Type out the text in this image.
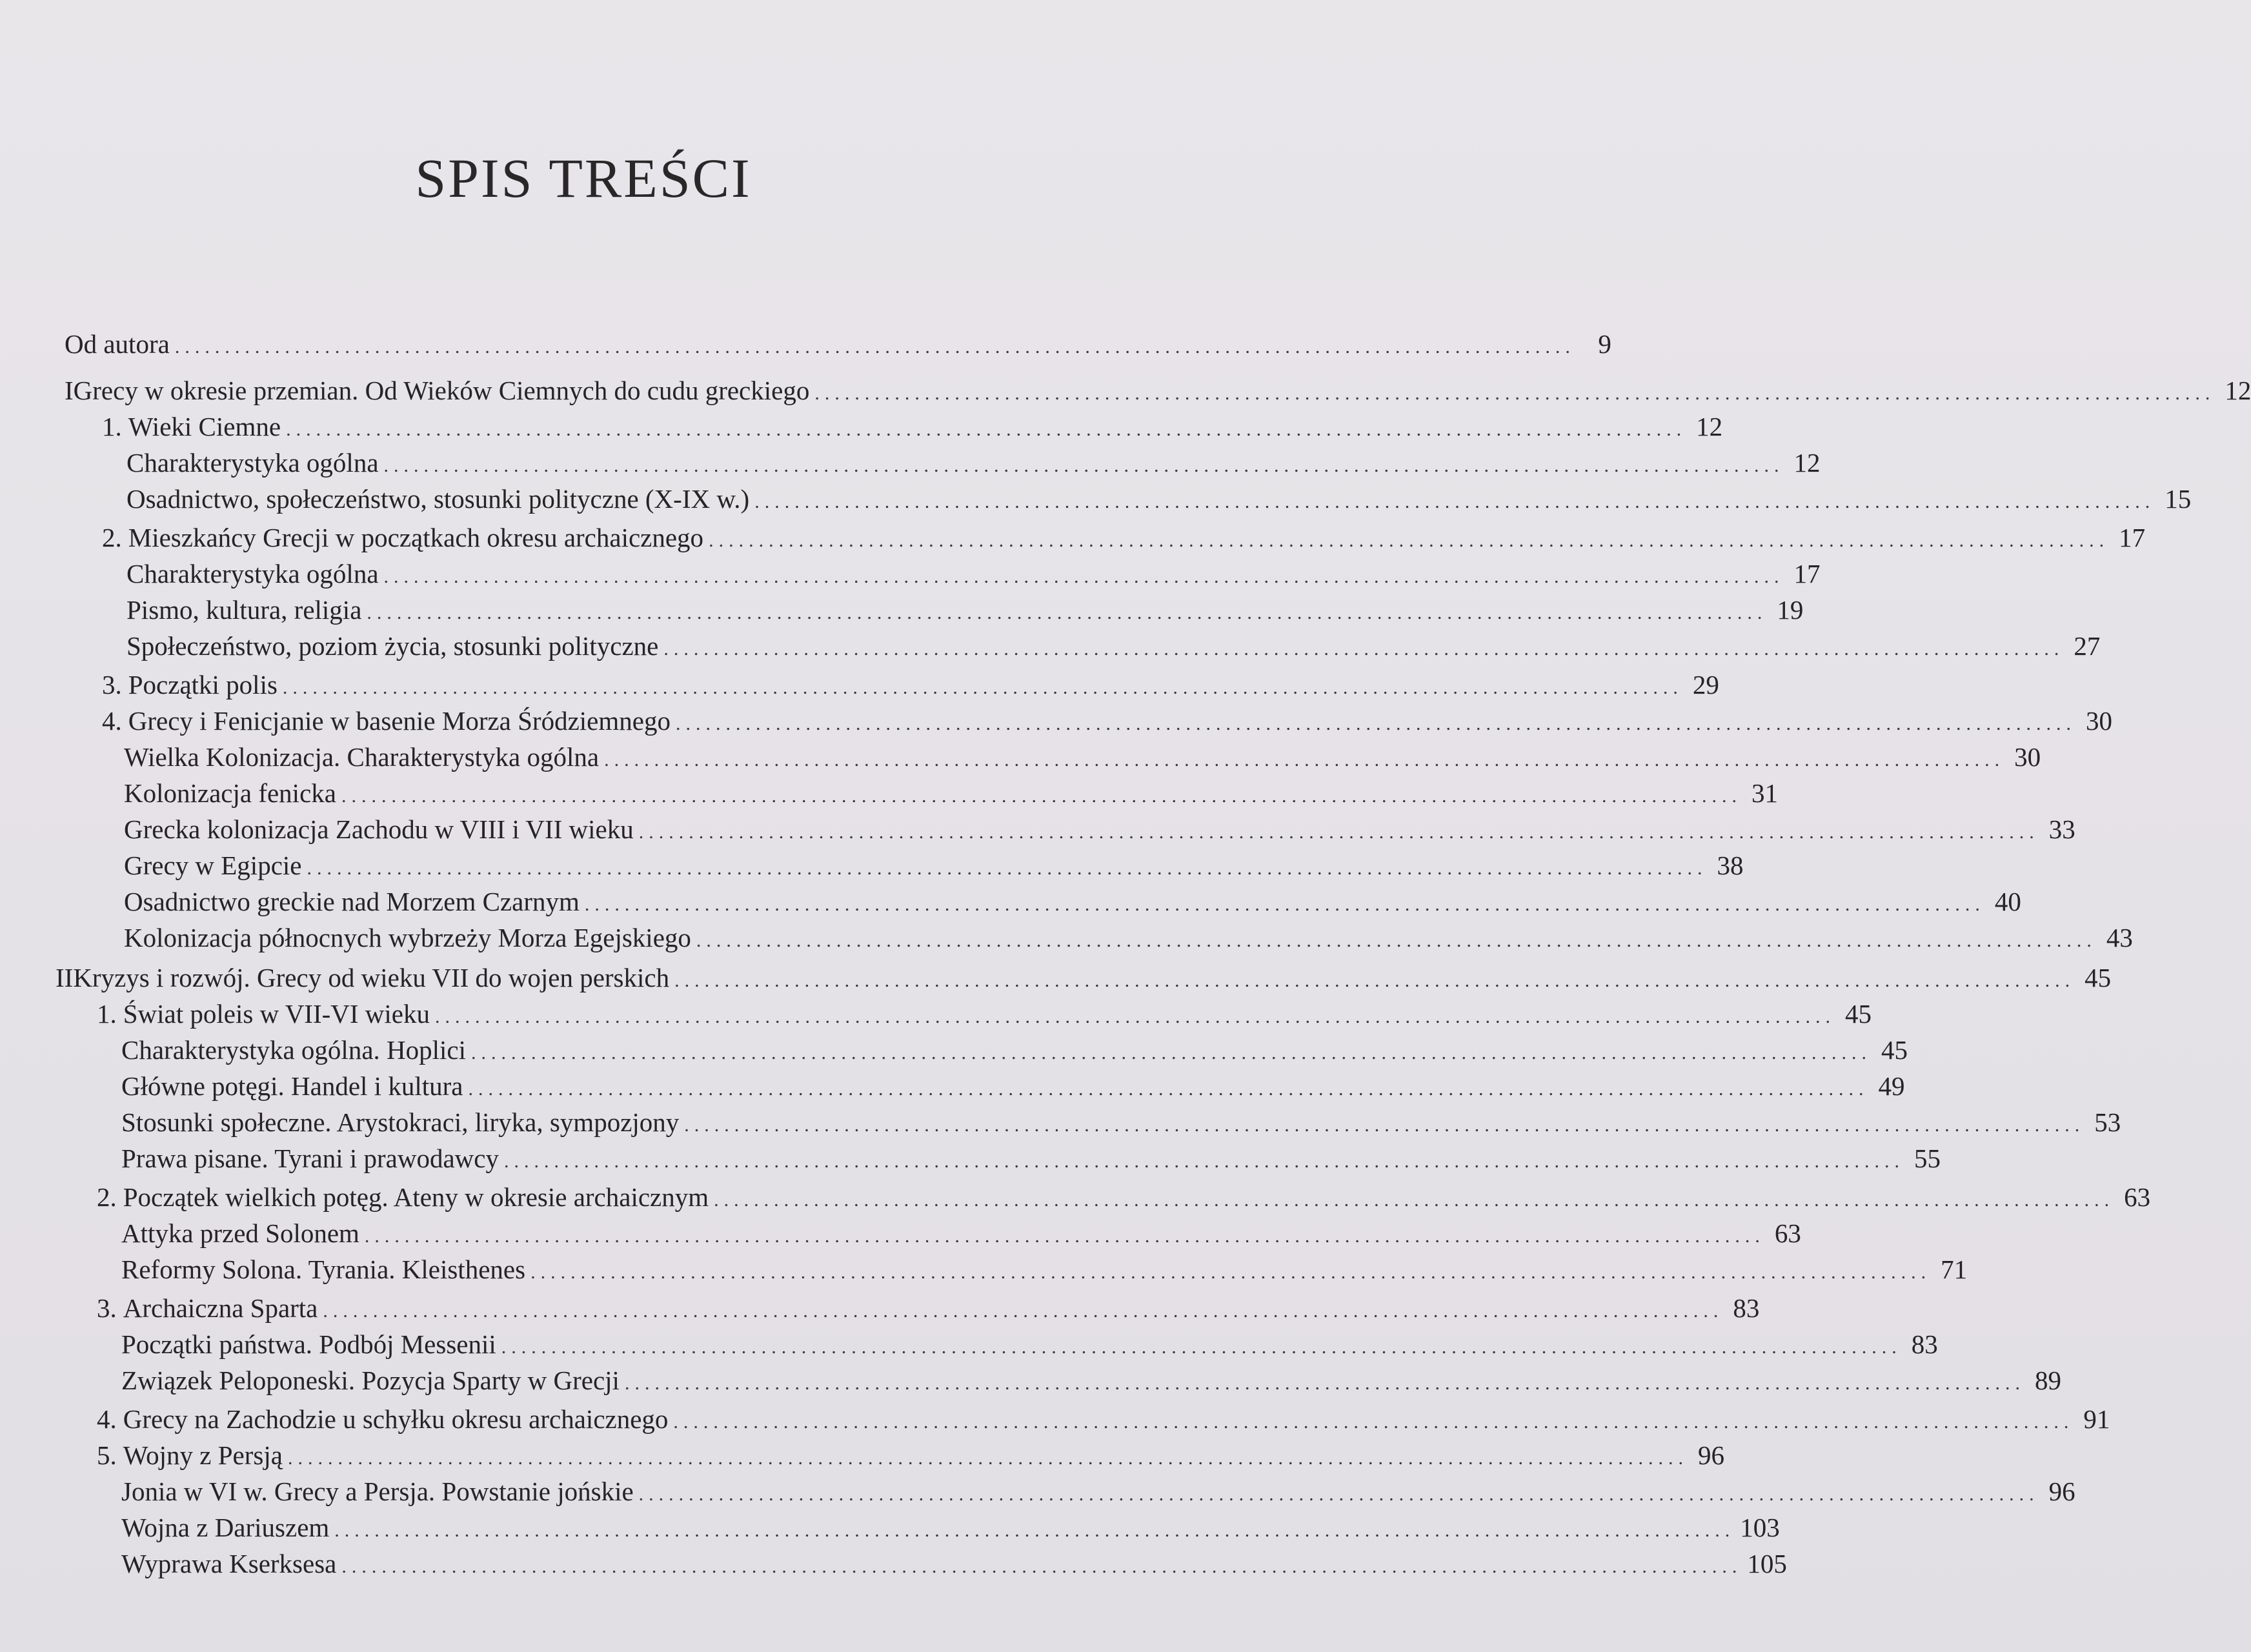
SPIS TREŚCI
Od autora ............................................................................................................................................ 9
I Grecy w okresie przemian. Od Wieków Ciemnych do cudu greckiego ............................................................................................................................................ 12
1. Wieki Ciemne ............................................................................................................................................ 12
Charakterystyka ogólna ............................................................................................................................................ 12
Osadnictwo, społeczeństwo, stosunki polityczne (X-IX w.) ............................................................................................................................................ 15
2. Mieszkańcy Grecji w początkach okresu archaicznego ............................................................................................................................................ 17
Charakterystyka ogólna ............................................................................................................................................ 17
Pismo, kultura, religia ............................................................................................................................................ 19
Społeczeństwo, poziom życia, stosunki polityczne ............................................................................................................................................ 27
3. Początki polis ............................................................................................................................................ 29
4. Grecy i Fenicjanie w basenie Morza Śródziemnego ............................................................................................................................................ 30
Wielka Kolonizacja. Charakterystyka ogólna ............................................................................................................................................ 30
Kolonizacja fenicka ............................................................................................................................................ 31
Grecka kolonizacja Zachodu w VIII i VII wieku ............................................................................................................................................ 33
Grecy w Egipcie ............................................................................................................................................ 38
Osadnictwo greckie nad Morzem Czarnym ............................................................................................................................................ 40
Kolonizacja północnych wybrzeży Morza Egejskiego ............................................................................................................................................ 43
II Kryzys i rozwój. Grecy od wieku VII do wojen perskich ............................................................................................................................................ 45
1. Świat poleis w VII-VI wieku ............................................................................................................................................ 45
Charakterystyka ogólna. Hoplici ............................................................................................................................................ 45
Główne potęgi. Handel i kultura ............................................................................................................................................ 49
Stosunki społeczne. Arystokraci, liryka, sympozjony ............................................................................................................................................ 53
Prawa pisane. Tyrani i prawodawcy ............................................................................................................................................ 55
2. Początek wielkich potęg. Ateny w okresie archaicznym ............................................................................................................................................ 63
Attyka przed Solonem ............................................................................................................................................ 63
Reformy Solona. Tyrania. Kleisthenes ............................................................................................................................................ 71
3. Archaiczna Sparta ............................................................................................................................................ 83
Początki państwa. Podbój Messenii ............................................................................................................................................ 83
Związek Peloponeski. Pozycja Sparty w Grecji ............................................................................................................................................ 89
4. Grecy na Zachodzie u schyłku okresu archaicznego ............................................................................................................................................ 91
5. Wojny z Persją ............................................................................................................................................ 96
Jonia w VI w. Grecy a Persja. Powstanie jońskie ............................................................................................................................................ 96
Wojna z Dariuszem ............................................................................................................................................ 103
Wyprawa Kserksesa ............................................................................................................................................ 105
